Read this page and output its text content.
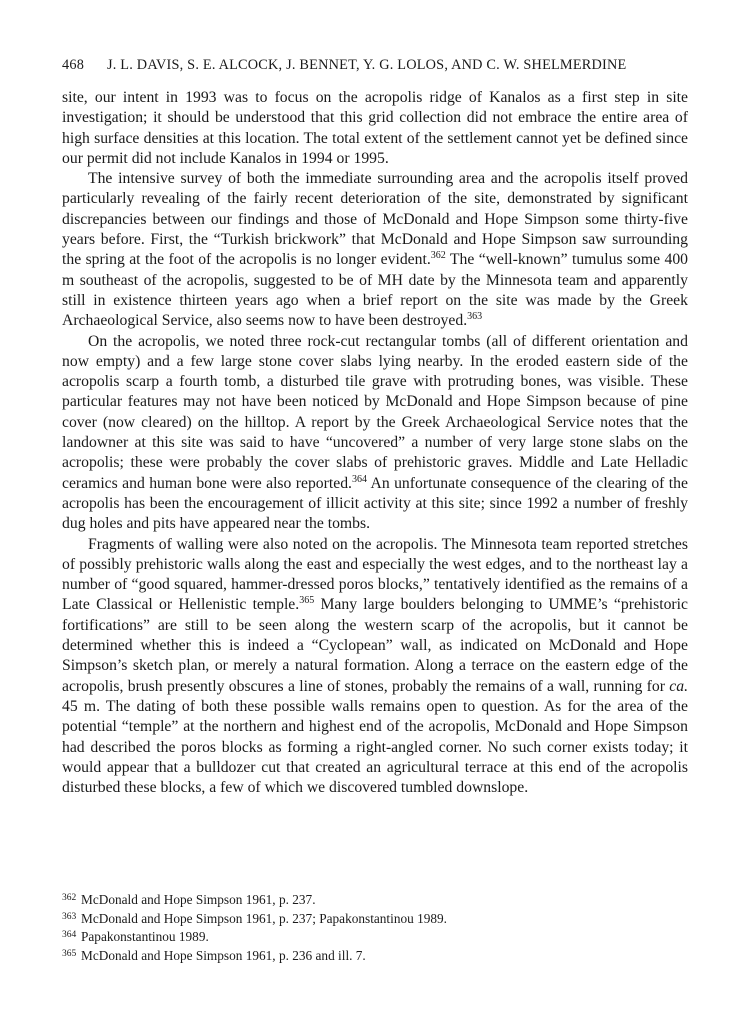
468 J. L. DAVIS, S. E. ALCOCK, J. BENNET, Y. G. LOLOS, AND C. W. SHELMERDINE

site, our intent in 1993 was to focus on the acropolis ridge of Kanalos as a first step in site investigation; it should be understood that this grid collection did not embrace the entire area of high surface densities at this location. The total extent of the settlement cannot yet be defined since our permit did not include Kanalos in 1994 or 1995.

The intensive survey of both the immediate surrounding area and the acropolis itself proved particularly revealing of the fairly recent deterioration of the site, demonstrated by significant discrepancies between our findings and those of McDonald and Hope Simpson some thirty-five years before. First, the “Turkish brickwork” that McDonald and Hope Simpson saw surrounding the spring at the foot of the acropolis is no longer evident.$^{362}$ The “well-known” tumulus some 400 m southeast of the acropolis, suggested to be of MH date by the Minnesota team and apparently still in existence thirteen years ago when a brief report on the site was made by the Greek Archaeological Service, also seems now to have been destroyed.$^{363}$

On the acropolis, we noted three rock-cut rectangular tombs (all of different orientation and now empty) and a few large stone cover slabs lying nearby. In the eroded eastern side of the acropolis scarp a fourth tomb, a disturbed tile grave with protruding bones, was visible. These particular features may not have been noticed by McDonald and Hope Simpson because of pine cover (now cleared) on the hilltop. A report by the Greek Archaeological Service notes that the landowner at this site was said to have “uncovered” a number of very large stone slabs on the acropolis; these were probably the cover slabs of prehistoric graves. Middle and Late Helladic ceramics and human bone were also reported.$^{364}$ An unfortunate consequence of the clearing of the acropolis has been the encouragement of illicit activity at this site; since 1992 a number of freshly dug holes and pits have appeared near the tombs.

Fragments of walling were also noted on the acropolis. The Minnesota team reported stretches of possibly prehistoric walls along the east and especially the west edges, and to the northeast lay a number of “good squared, hammer-dressed poros blocks,” tentatively identified as the remains of a Late Classical or Hellenistic temple.$^{365}$ Many large boulders belonging to UMME’s “prehistoric fortifications” are still to be seen along the western scarp of the acropolis, but it cannot be determined whether this is indeed a “Cyclopean” wall, as indicated on McDonald and Hope Simpson’s sketch plan, or merely a natural formation. Along a terrace on the eastern edge of the acropolis, brush presently obscures a line of stones, probably the remains of a wall, running for ca. 45 m. The dating of both these possible walls remains open to question. As for the area of the potential “temple” at the northern and highest end of the acropolis, McDonald and Hope Simpson had described the poros blocks as forming a right-angled corner. No such corner exists today; it would appear that a bulldozer cut that created an agricultural terrace at this end of the acropolis disturbed these blocks, a few of which we discovered tumbled downslope.

362 McDonald and Hope Simpson 1961, p. 237.
363 McDonald and Hope Simpson 1961, p. 237; Papakonstantinou 1989.
364 Papakonstantinou 1989.
365 McDonald and Hope Simpson 1961, p. 236 and ill. 7.
